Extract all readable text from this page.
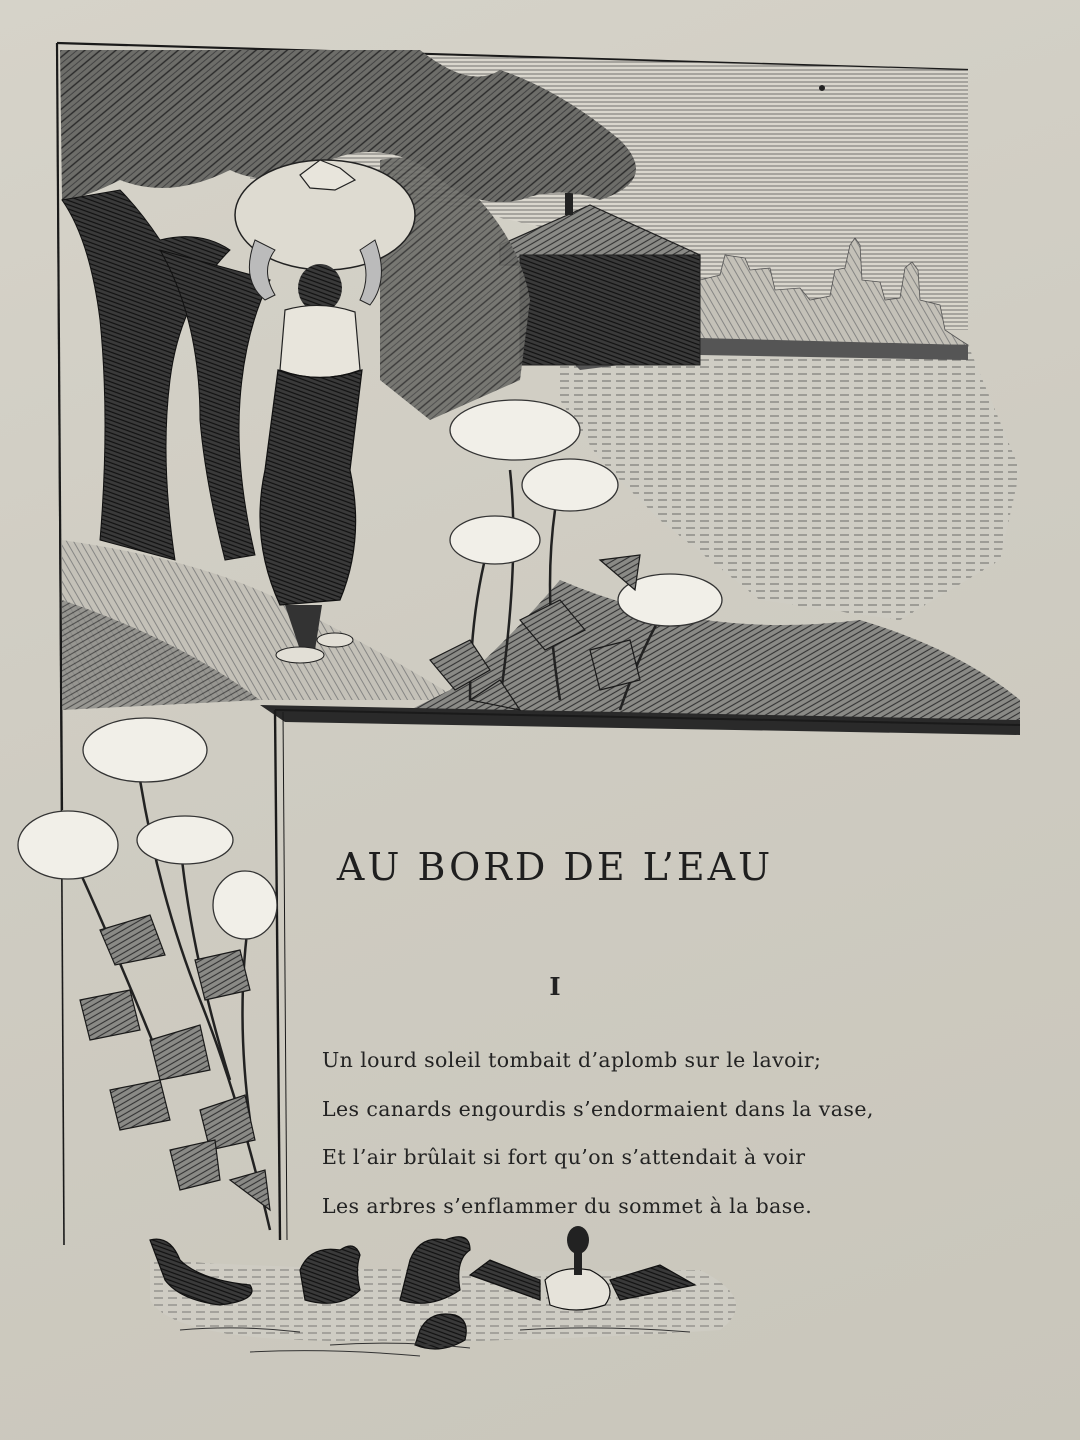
AU BORD DE L’EAU
I
Un lourd soleil tombait d’aplomb sur le lavoir;
Les canards engourdis s’endormaient dans la vase,
Et l’air brûlait si fort qu’on s’attendait à voir
Les arbres s’enflammer du sommet à la base.
